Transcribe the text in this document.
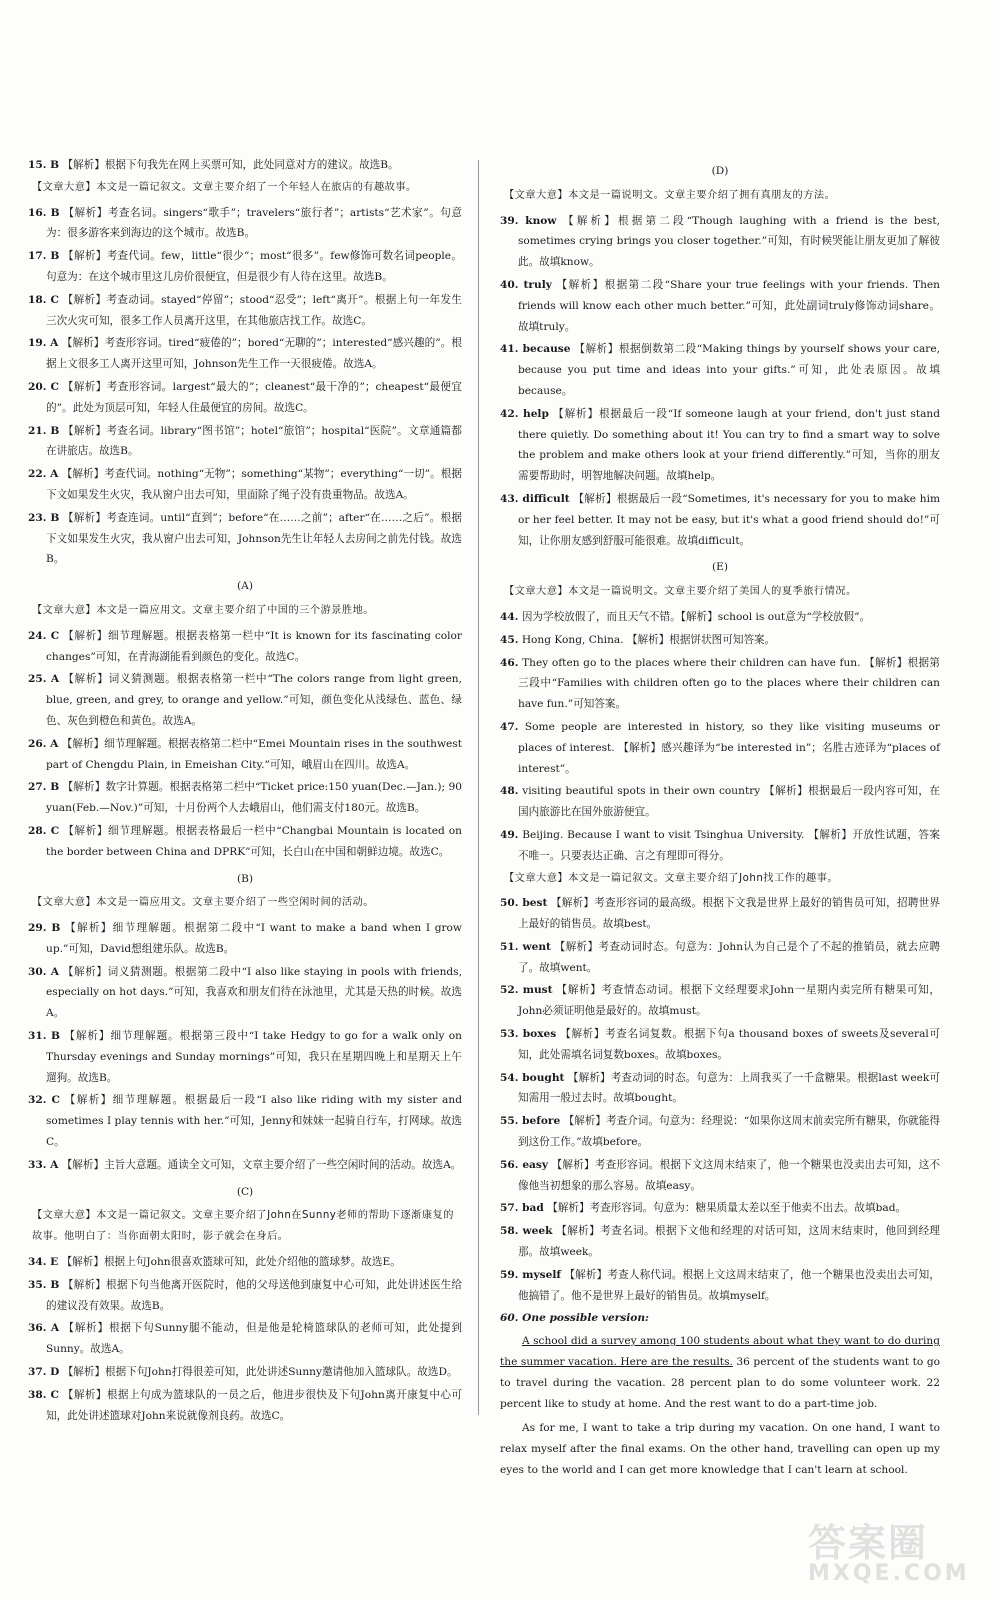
15. B 【解析】根据下句我先在网上买票可知，此处同意对方的建议。故选B。
【文章大意】本文是一篇记叙文。文章主要介绍了一个年轻人在旅店的有趣故事。
16. B 【解析】考查名词。singers“歌手”；travelers“旅行者”；artists“艺术家”。句意为：很多游客来到海边的这个城市。故选B。
17. B 【解析】考查代词。few，little“很少”；most“很多”。few修饰可数名词people。句意为：在这个城市里这儿房价很便宜，但是很少有人待在这里。故选B。
18. C 【解析】考查动词。stayed“停留”；stood“忍受”；left“离开”。根据上句一年发生三次火灾可知，很多工作人员离开这里，在其他旅店找工作。故选C。
19. A 【解析】考查形容词。tired“疲倦的”；bored“无聊的”；interested“感兴趣的”。根据上文很多工人离开这里可知，Johnson先生工作一天很疲倦。故选A。
20. C 【解析】考查形容词。largest“最大的”；cleanest“最干净的”；cheapest“最便宜的”。此处为顶层可知，年轻人住最便宜的房间。故选C。
21. B 【解析】考查名词。library“图书馆”；hotel“旅馆”；hospital“医院”。文章通篇都在讲旅店。故选B。
22. A 【解析】考查代词。nothing“无物”；something“某物”；everything“一切”。根据下文如果发生火灾，我从窗户出去可知，里面除了绳子没有贵重物品。故选A。
23. B 【解析】考查连词。until“直到”；before“在……之前”；after“在……之后”。根据下文如果发生火灾，我从窗户出去可知，Johnson先生让年轻人去房间之前先付钱。故选B。
(A)
【文章大意】本文是一篇应用文。文章主要介绍了中国的三个游景胜地。
24. C 【解析】细节理解题。根据表格第一栏中“It is known for its fascinating color changes”可知，在青海湖能看到颜色的变化。故选C。
25. A 【解析】词义猜测题。根据表格第一栏中“The colors range from light green, blue, green, and grey, to orange and yellow.”可知，颜色变化从浅绿色、蓝色、绿色、灰色到橙色和黄色。故选A。
26. A 【解析】细节理解题。根据表格第二栏中“Emei Mountain rises in the southwest part of Chengdu Plain, in Emeishan City.”可知，峨眉山在四川。故选A。
27. B 【解析】数字计算题。根据表格第二栏中“Ticket price:150 yuan(Dec.—Jan.); 90 yuan(Feb.—Nov.)”可知，十月份两个人去峨眉山，他们需支付180元。故选B。
28. C 【解析】细节理解题。根据表格最后一栏中“Changbai Mountain is located on the border between China and DPRK”可知，长白山在中国和朝鲜边境。故选C。
(B)
【文章大意】本文是一篇应用文。文章主要介绍了一些空闲时间的活动。
29. B 【解析】细节理解题。根据第二段中“I want to make a band when I grow up.”可知，David想组建乐队。故选B。
30. A 【解析】词义猜测题。根据第二段中“I also like staying in pools with friends, especially on hot days.”可知，我喜欢和朋友们待在泳池里，尤其是天热的时候。故选A。
31. B 【解析】细节理解题。根据第三段中“I take Hedgy to go for a walk only on Thursday evenings and Sunday mornings”可知，我只在星期四晚上和星期天上午遛狗。故选B。
32. C 【解析】细节理解题。根据最后一段“I also like riding with my sister and sometimes I play tennis with her.”可知，Jenny和妹妹一起骑自行车，打网球。故选C。
33. A 【解析】主旨大意题。通读全文可知，文章主要介绍了一些空闲时间的活动。故选A。
(C)
【文章大意】本文是一篇记叙文。文章主要介绍了John在Sunny老师的帮助下逐渐康复的故事。他明白了：当你面朝太阳时，影子就会在身后。
34. E 【解析】根据上句John很喜欢篮球可知，此处介绍他的篮球梦。故选E。
35. B 【解析】根据下句当他离开医院时，他的父母送他到康复中心可知，此处讲述医生给的建议没有效果。故选B。
36. A 【解析】根据下句Sunny腿不能动，但是他是轮椅篮球队的老师可知，此处提到Sunny。故选A。
37. D 【解析】根据下句John打得很差可知，此处讲述Sunny邀请他加入篮球队。故选D。
38. C 【解析】根据上句成为篮球队的一员之后，他进步很快及下句John离开康复中心可知，此处讲述篮球对John来说就像剂良药。故选C。
(D)
【文章大意】本文是一篇说明文。文章主要介绍了拥有真朋友的方法。
39. know 【解析】根据第二段“Though laughing with a friend is the best, sometimes crying brings you closer together.”可知，有时候哭能让朋友更加了解彼此。故填know。
40. truly 【解析】根据第二段“Share your true feelings with your friends. Then friends will know each other much better.”可知，此处副词truly修饰动词share。故填truly。
41. because 【解析】根据倒数第二段“Making things by yourself shows your care, because you put time and ideas into your gifts.”可知，此处表原因。故填because。
42. help 【解析】根据最后一段“If someone laugh at your friend, don't just stand there quietly. Do something about it! You can try to find a smart way to solve the problem and make others look at your friend differently.”可知，当你的朋友需要帮助时，明智地解决问题。故填help。
43. difficult 【解析】根据最后一段“Sometimes, it's necessary for you to make him or her feel better. It may not be easy, but it's what a good friend should do!”可知，让你朋友感到舒服可能很难。故填difficult。
(E)
【文章大意】本文是一篇说明文。文章主要介绍了美国人的夏季旅行情况。
44. 因为学校放假了，而且天气不错。【解析】school is out意为“学校放假”。
45. Hong Kong, China. 【解析】根据饼状图可知答案。
46. They often go to the places where their children can have fun. 【解析】根据第三段中“Families with children often go to the places where their children can have fun.”可知答案。
47. Some people are interested in history, so they like visiting museums or places of interest. 【解析】感兴趣译为“be interested in”；名胜古迹译为“places of interest”。
48. visiting beautiful spots in their own country 【解析】根据最后一段内容可知，在国内旅游比在国外旅游便宜。
49. Beijing. Because I want to visit Tsinghua University. 【解析】开放性试题，答案不唯一。只要表达正确、言之有理即可得分。
【文章大意】本文是一篇记叙文。文章主要介绍了John找工作的趣事。
50. best 【解析】考查形容词的最高级。根据下文我是世界上最好的销售员可知，招聘世界上最好的销售员。故填best。
51. went 【解析】考查动词时态。句意为：John认为自己是个了不起的推销员，就去应聘了。故填went。
52. must 【解析】考查情态动词。根据下文经理要求John一星期内卖完所有糖果可知，John必须证明他是最好的。故填must。
53. boxes 【解析】考查名词复数。根据下句a thousand boxes of sweets及several可知，此处需填名词复数boxes。故填boxes。
54. bought 【解析】考查动词的时态。句意为：上周我买了一千盒糖果。根据last week可知需用一般过去时。故填bought。
55. before 【解析】考查介词。句意为：经理说：“如果你这周末前卖完所有糖果，你就能得到这份工作。”故填before。
56. easy 【解析】考查形容词。根据下文这周末结束了，他一个糖果也没卖出去可知，这不像他当初想象的那么容易。故填easy。
57. bad 【解析】考查形容词。句意为：糖果质量太差以至于他卖不出去。故填bad。
58. week 【解析】考查名词。根据下文他和经理的对话可知，这周末结束时，他回到经理那。故填week。
59. myself 【解析】考查人称代词。根据上文这周末结束了，他一个糖果也没卖出去可知，他搞错了。他不是世界上最好的销售员。故填myself。
60. One possible version:

A school did a survey among 100 students about what they want to do during the summer vacation. Here are the results. 36 percent of the students want to go to travel during the vacation. 28 percent plan to do some volunteer work. 22 percent like to study at home. And the rest want to do a part-time job.

As for me, I want to take a trip during my vacation. On one hand, I want to relax myself after the final exams. On the other hand, travelling can open up my eyes to the world and I can get more knowledge that I can't learn at school.

答案圈
MXQE.COM
